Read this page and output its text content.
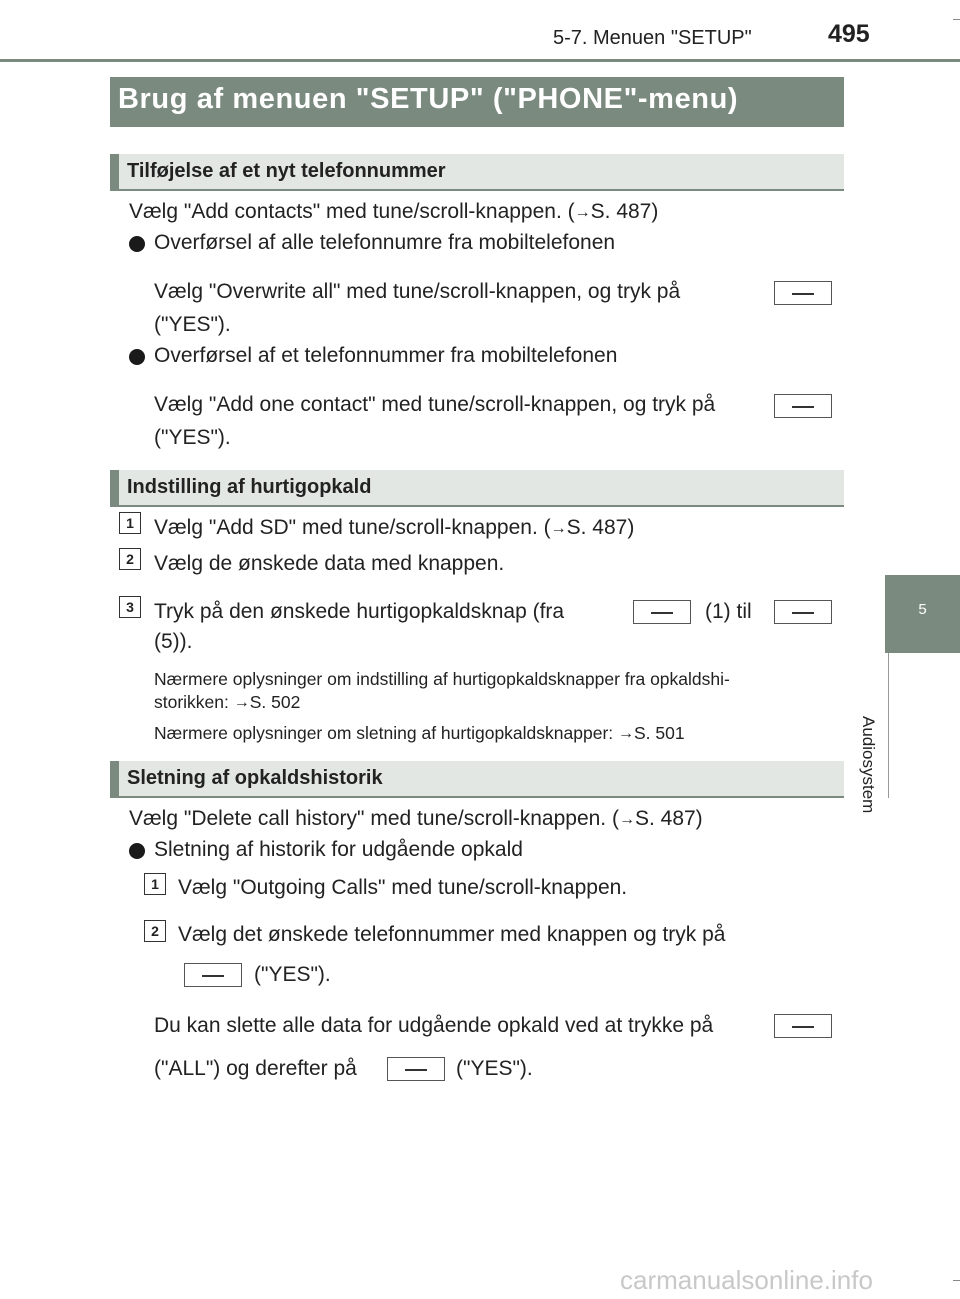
5-7. Menuen "SETUP"	495
5
Audiosystem
Brug af menuen "SETUP" ("PHONE"-menu)
Tilføjelse af et nyt telefonnummer
Vælg "Add contacts" med tune/scroll-knappen. (→S. 487)
Overførsel af alle telefonnumre fra mobiltelefonen
Vælg "Overwrite all" med tune/scroll-knappen, og tryk på
("YES").
Overførsel af et telefonnummer fra mobiltelefonen
Vælg "Add one contact" med tune/scroll-knappen, og tryk på
("YES").
Indstilling af hurtigopkald
1 Vælg "Add SD" med tune/scroll-knappen. (→S. 487)
2 Vælg de ønskede data med knappen.
3 Tryk på den ønskede hurtigopkaldsknap (fra	(1) til
(5)).
Nærmere oplysninger om indstilling af hurtigopkaldsknapper fra opkaldshi-
storikken: →S. 502
Nærmere oplysninger om sletning af hurtigopkaldsknapper: →S. 501
Sletning af opkaldshistorik
Vælg "Delete call history" med tune/scroll-knappen. (→S. 487)
Sletning af historik for udgående opkald
1 Vælg "Outgoing Calls" med tune/scroll-knappen.
2 Vælg det ønskede telefonnummer med knappen og tryk på
("YES").
Du kan slette alle data for udgående opkald ved at trykke på
("ALL") og derefter på	("YES").
carmanualsonline.info
